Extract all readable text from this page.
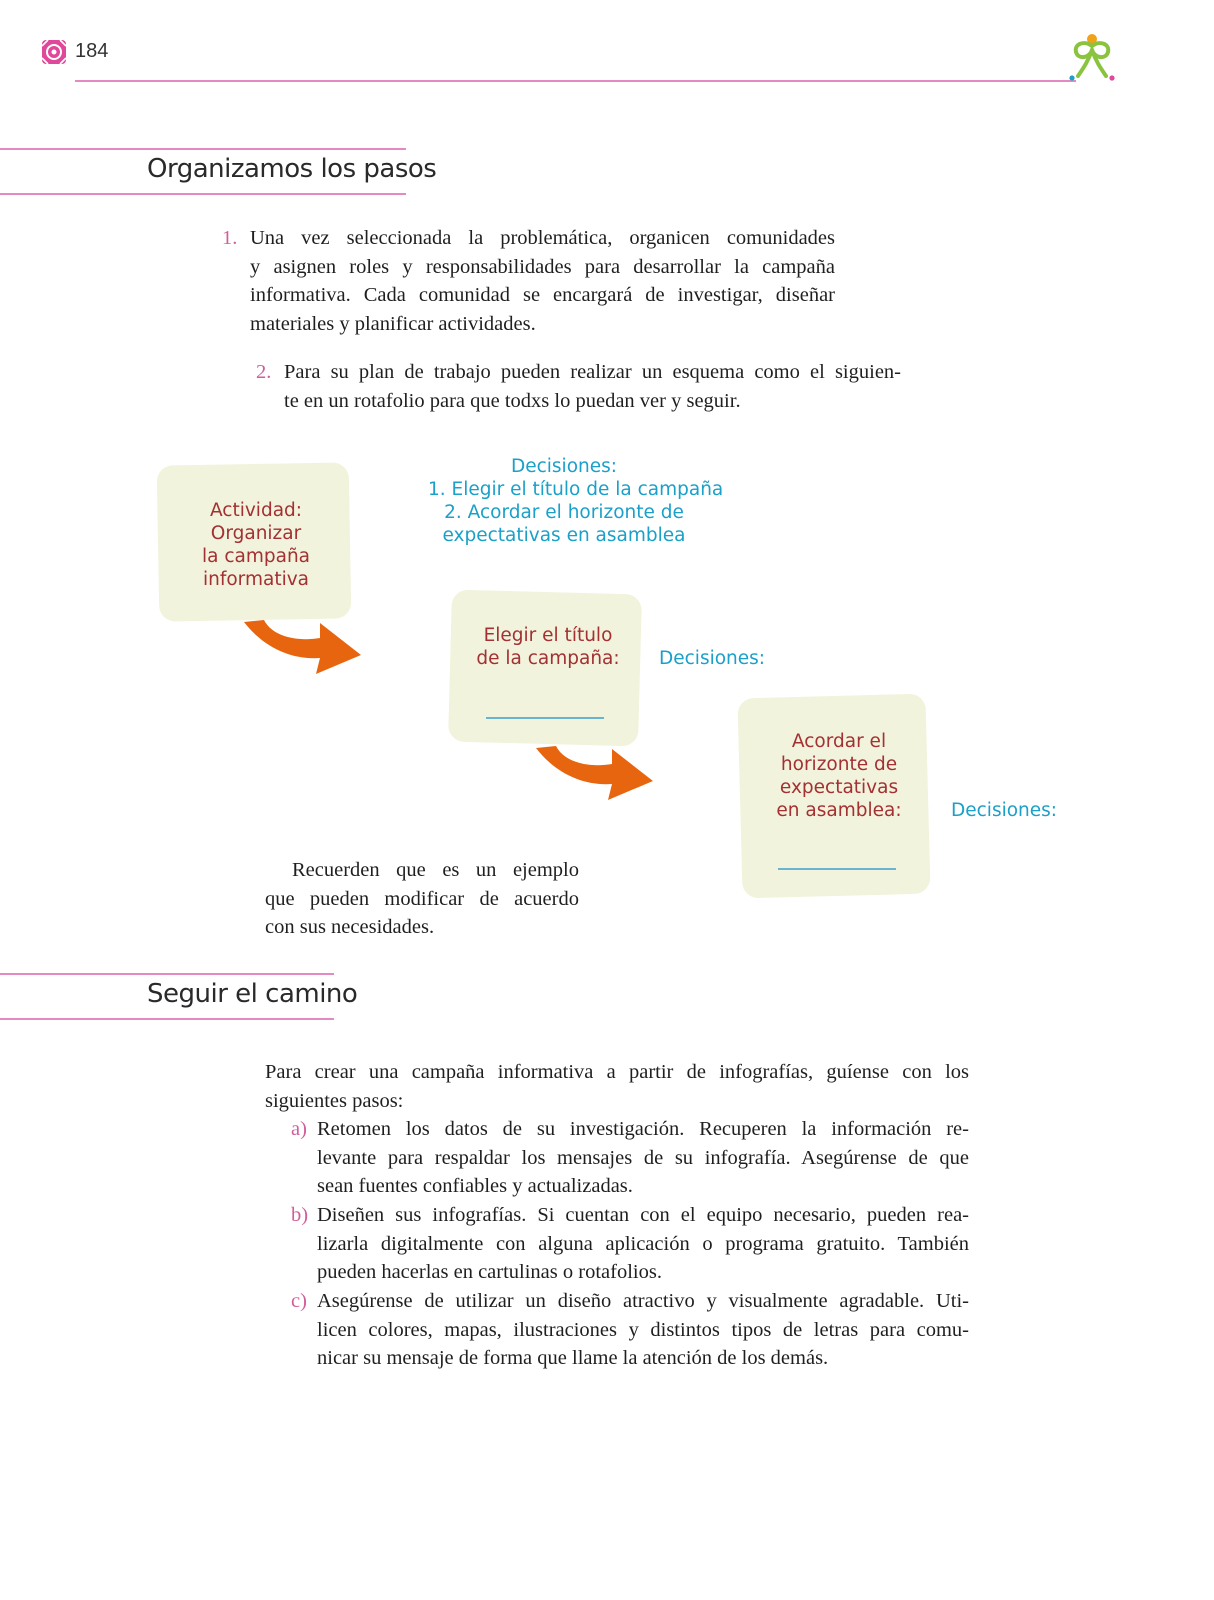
184
Organizamos los pasos
1. Una vez seleccionada la problemática, organicen comunidades
y asignen roles y responsabilidades para desarrollar la campaña
informativa. Cada comunidad se encargará de investigar, diseñar
materiales y planificar actividades.
2. Para su plan de trabajo pueden realizar un esquema como el siguien-
te en un rotafolio para que todxs lo puedan ver y seguir.
Actividad:
Organizar
la campaña
informativa
Decisiones:
1. Elegir el título de la campaña
2. Acordar el horizonte de
expectativas en asamblea
Elegir el título
de la campaña:	Decisiones:
Acordar el
horizonte de
expectativas
en asamblea:	Decisiones:
Recuerden que es un ejemplo
que pueden modificar de acuerdo
con sus necesidades.
Seguir el camino
Para crear una campaña informativa a partir de infografías, guíense con los
siguientes pasos:
a) Retomen los datos de su investigación. Recuperen la información re-
levante para respaldar los mensajes de su infografía. Asegúrense de que
sean fuentes confiables y actualizadas.
b) Diseñen sus infografías. Si cuentan con el equipo necesario, pueden rea-
lizarla digitalmente con alguna aplicación o programa gratuito. También
pueden hacerlas en cartulinas o rotafolios.
c) Asegúrense de utilizar un diseño atractivo y visualmente agradable. Uti-
licen colores, mapas, ilustraciones y distintos tipos de letras para comu-
nicar su mensaje de forma que llame la atención de los demás.
